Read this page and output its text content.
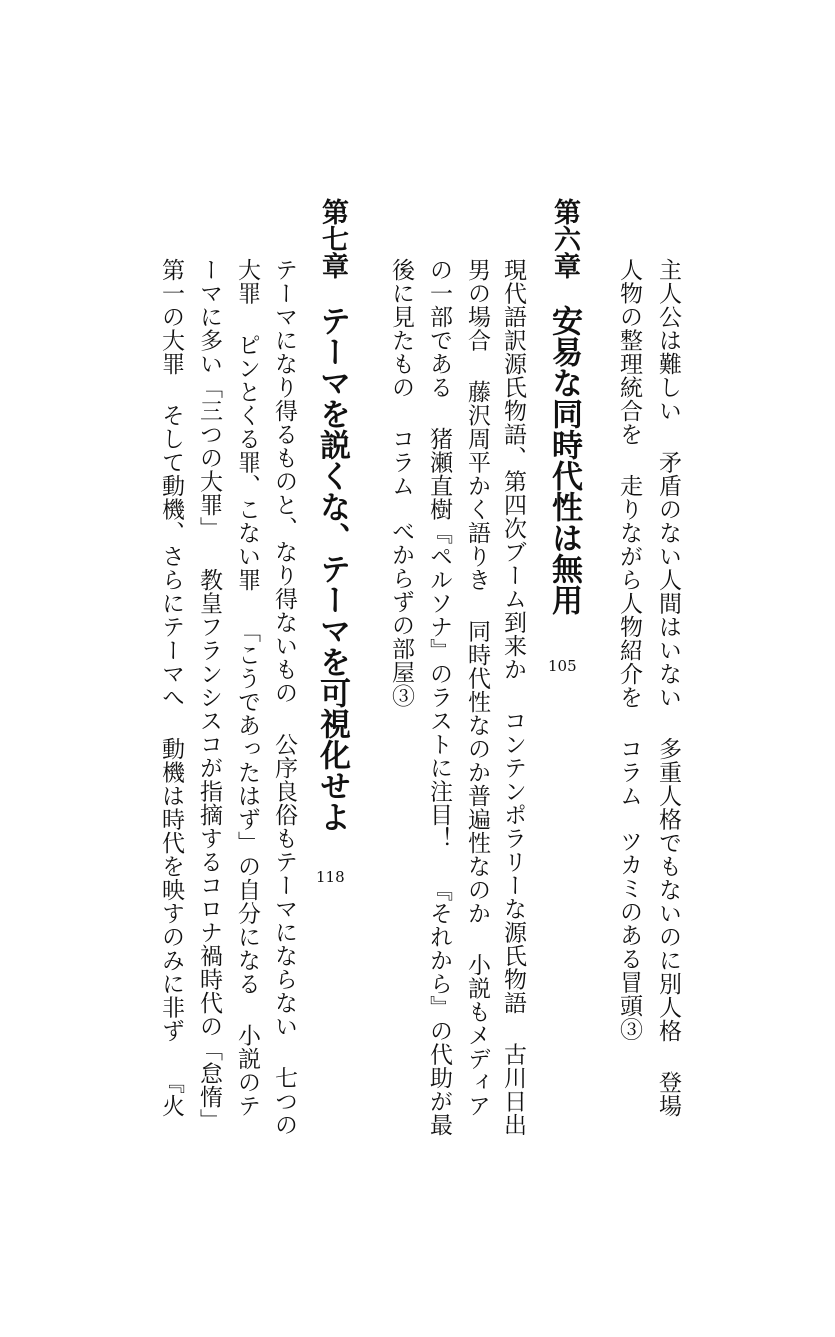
主人公は難しい矛盾のない人間はいない多重人格でもないのに別人格登場
人物の整理統合を走りながら人物紹介をコラムツカミのある冒頭③
第六章安易な同時代性は無用
105
現代語訳源氏物語、第四次ブーム到来かコンテンポラリーな源氏物語古川日出
男の場合藤沢周平かく語りき同時代性なのか普遍性なのか小説もメディア
の一部である猪瀬直樹『ペルソナ』のラストに注目！『それから』の代助が最
後に見たものコラムべからずの部屋③
第七章テーマを説くな、テーマを可視化せよ
118
テーマになり得るものと、なり得ないもの公序良俗もテーマにならない七つの
大罪ピンとくる罪、こない罪「こうであったはず」の自分になる小説のテ
ーマに多い「三つの大罪」教皇フランシスコが指摘するコロナ禍時代の「怠惰」
第一の大罪そして動機、さらにテーマへ動機は時代を映すのみに非ず『火
